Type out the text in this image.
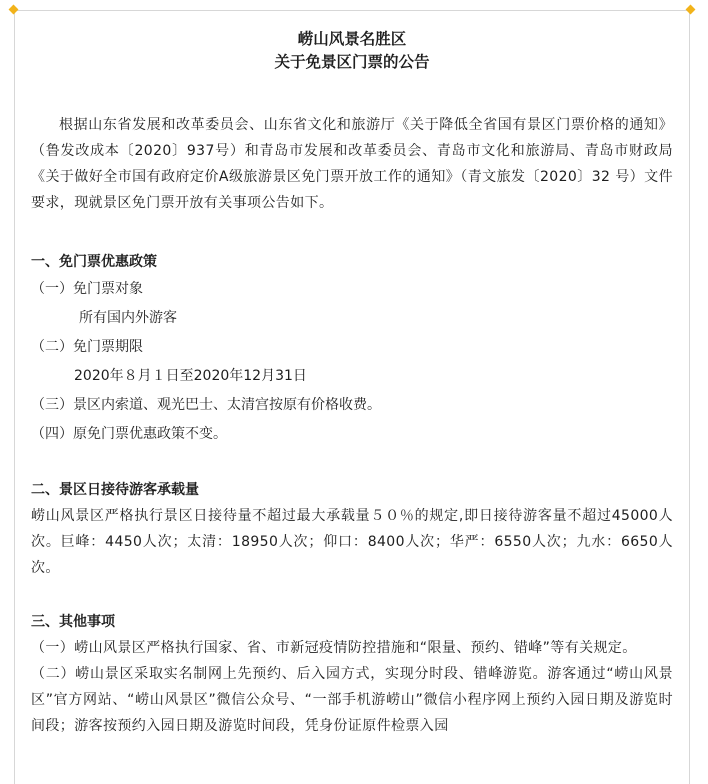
崂山风景名胜区
关于免景区门票的公告
根据山东省发展和改革委员会、山东省文化和旅游厅《关于降低全省国有景区门票价格的通知》（鲁发改成本〔2020〕937号）和青岛市发展和改革委员会、青岛市文化和旅游局、青岛市财政局《关于做好全市国有政府定价A级旅游景区免门票开放工作的通知》（青文旅发〔2020〕32 号）文件要求，现就景区免门票开放有关事项公告如下。
一、免门票优惠政策
（一）免门票对象
所有国内外游客
（二）免门票期限
2020年８月１日至2020年12月31日
（三）景区内索道、观光巴士、太清宫按原有价格收费。
（四）原免门票优惠政策不变。
二、景区日接待游客承载量
崂山风景区严格执行景区日接待量不超过最大承载量５０％的规定,即日接待游客量不超过45000人次。巨峰：4450人次；太清：18950人次；仰口：8400人次；华严：6550人次；九水：6650人次。
三、其他事项
（一）崂山风景区严格执行国家、省、市新冠疫情防控措施和“限量、预约、错峰”等有关规定。
（二）崂山景区采取实名制网上先预约、后入园方式，实现分时段、错峰游览。游客通过“崂山风景区”官方网站、“崂山风景区”微信公众号、“一部手机游崂山”微信小程序网上预约入园日期及游览时间段；游客按预约入园日期及游览时间段，凭身份证原件检票入园
